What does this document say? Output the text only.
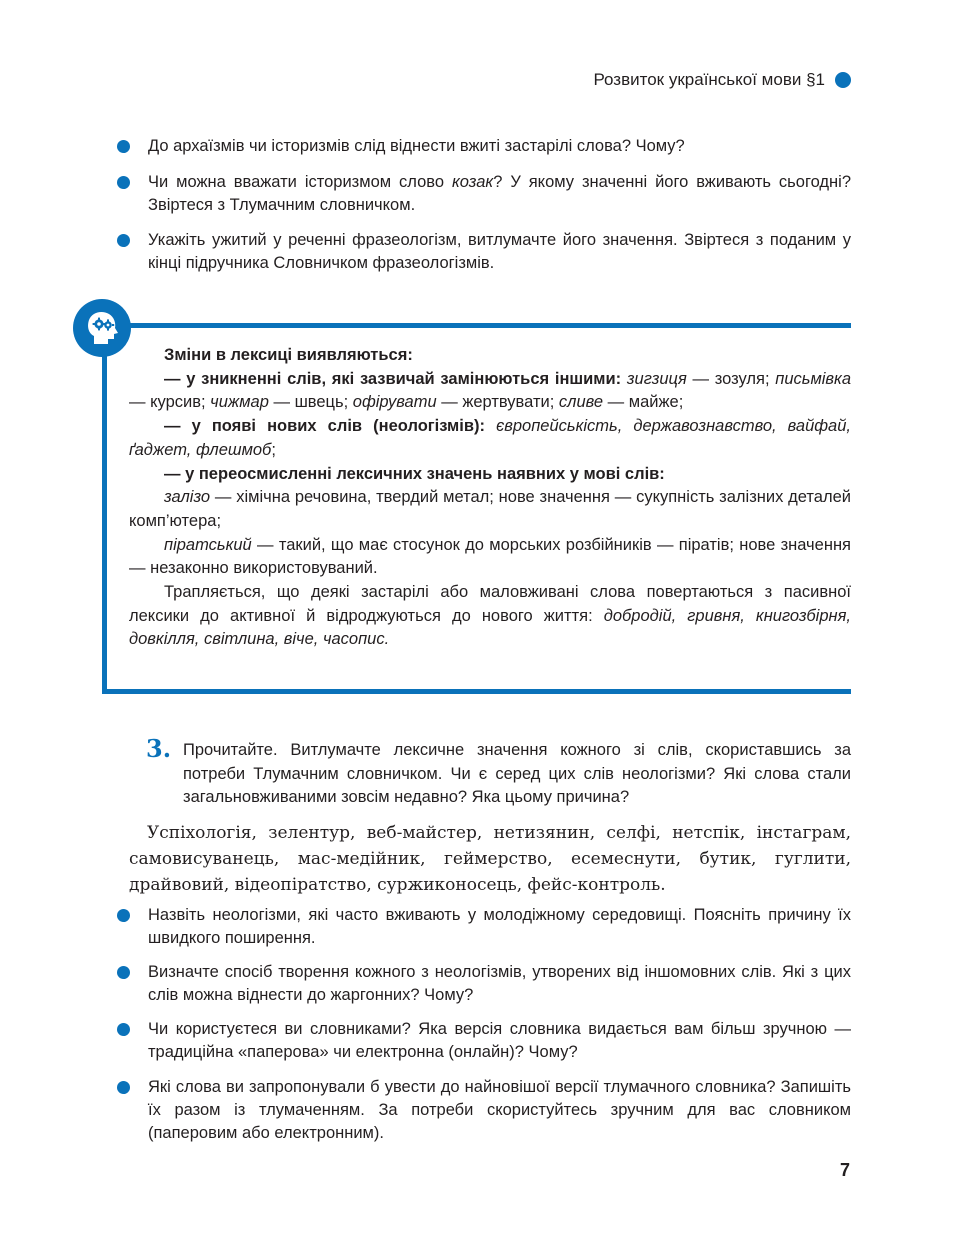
Розвиток української мови §1
До архаїзмів чи історизмів слід віднести вжиті застарілі слова? Чому?
Чи можна вважати історизмом слово козак? У якому значенні його вживають сьогодні? Звіртеся з Тлумачним словничком.
Укажіть ужитий у реченні фразеологізм, витлумачте його значення. Звіртеся з поданим у кінці підручника Словничком фразеологізмів.

Зміни в лексиці виявляються:

— у зникненні слів, які зазвичай замінюються іншими: зигзиця — зозуля; письмівка — курсив; чижмар — швець; офірувати — жертвувати; сливе — майже;

— у появі нових слів (неологізмів): європейськість, державознавство, вайфай, ґаджет, флешмоб;

— у переосмисленні лексичних значень наявних у мові слів:

залізо — хімічна речовина, твердий метал; нове значення — сукупність залізних деталей комп’ютера;

піратський — такий, що має стосунок до морських розбійників — піратів; нове значення — незаконно використовуваний.

Трапляється, що деякі застарілі або маловживані слова повертаються з пасивної лексики до активної й відроджуються до нового життя: добродій, гривня, книгозбірня, довкілля, світлина, віче, часопис.

3. Прочитайте. Витлумачте лексичне значення кожного зі слів, скориставшись за потреби Тлумачним словничком. Чи є серед цих слів неологізми? Які слова стали загальновживаними зовсім недавно? Яка цьому причина?
Успіхологія, зелентур, веб-майстер, нетизянин, селфі, нетспік, інстаграм, самовисуванець, мас-медійник, геймерство, есемеснути, бутик, гуглити, драйвовий, відеопіратство, суржиконосець, фейс-контроль.
Назвіть неологізми, які часто вживають у молодіжному середовищі. Поясніть причину їх швидкого поширення.
Визначте спосіб творення кожного з неологізмів, утворених від іншомовних слів. Які з цих слів можна віднести до жаргонних? Чому?
Чи користуєтеся ви словниками? Яка версія словника видається вам більш зручною — традиційна «паперова» чи електронна (онлайн)? Чому?
Які слова ви запропонували б увести до найновішої версії тлумачного словника? Запишіть їх разом із тлумаченням. За потреби скористуйтесь зручним для вас словником (паперовим або електронним).
7
